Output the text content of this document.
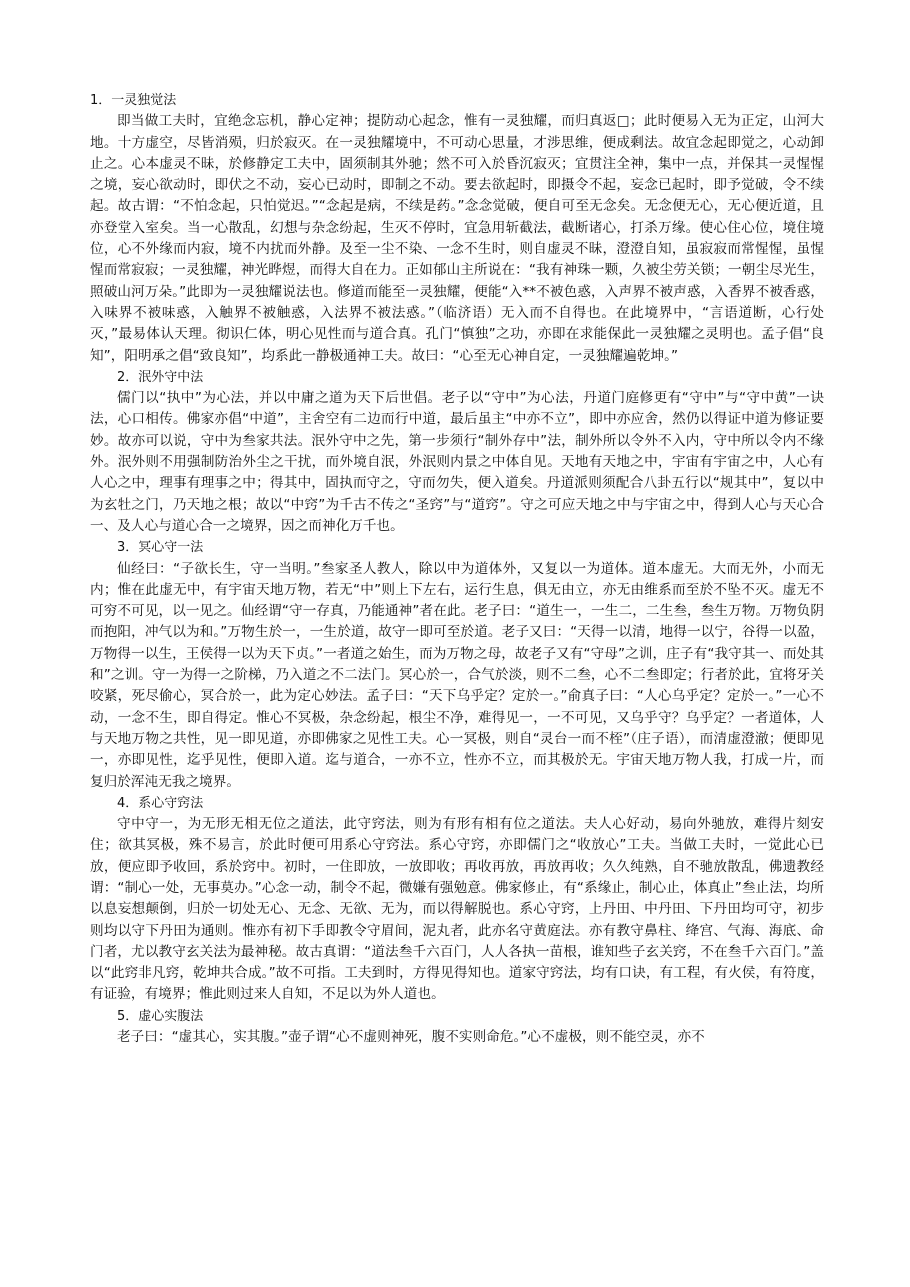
1．一灵独觉法

即当做工夫时，宜绝念忘机，静心定神；提防动心起念，惟有一灵独耀，而归真返□；此时便易入无为正定，山河大地。十方虚空，尽皆消殒，归於寂灭。在一灵独耀境中，不可动心思量，才涉思维，便成剩法。故宜念起即觉之，心动卸止之。心本虚灵不昧，於修静定工夫中，固须制其外驰；然不可入於昏沉寂灭；宜贯注全神，集中一点，并保其一灵惺惺之境，妄心欲动时，即伏之不动，妄心已动时，即制之不动。要去欲起时，即摄令不起，妄念已起时，即予觉破，令不续起。故古谓：“不怕念起，只怕觉迟。”“念起是病，不续是药。”念念觉破，便自可至无念矣。无念便无心，无心便近道，且亦登堂入室矣。当一心散乱，幻想与杂念纷起，生灭不停时，宜急用斩截法，截断诸心，打杀万缘。使心住心位，境住境位，心不外缘而内寂，境不内扰而外静。及至一尘不染、一念不生时，则自虚灵不昧，澄澄自知，虽寂寂而常惺惺，虽惺惺而常寂寂；一灵独耀，神光晔煜，而得大自在力。正如郁山主所说在：“我有神珠一颗，久被尘劳关锁；一朝尘尽光生，照破山河万朵。”此即为一灵独耀说法也。修道而能至一灵独耀，便能“入**不被色惑，入声界不被声惑，入香界不被香惑，入味界不被味惑，入触界不被触惑，入法界不被法惑。”（临济语）无入而不自得也。在此境界中，“言语道断，心行处灭，”最易体认天理。彻识仁体，明心见性而与道合真。孔门“慎独”之功，亦即在求能保此一灵独耀之灵明也。孟子倡“良知”，阳明承之倡“致良知”，均系此一静极通神工夫。故曰：“心至无心神自定，一灵独耀遍乾坤。”

2．泯外守中法

儒门以“执中”为心法，并以中庸之道为天下后世倡。老子以“守中”为心法，丹道门庭修更有“守中”与“守中黄”一诀法，心口相传。佛家亦倡“中道”，主舍空有二边而行中道，最后虽主“中亦不立”，即中亦应舍，然仍以得证中道为修证要妙。故亦可以说，守中为叁家共法。泯外守中之先，第一步须行“制外存中”法，制外所以令外不入内，守中所以令内不缘外。泯外则不用强制防治外尘之干扰，而外境自泯，外泯则内景之中体自见。天地有天地之中，宇宙有宇宙之中，人心有人心之中，理事有理事之中；得其中，固执而守之，守而勿失，便入道矣。丹道派则须配合八卦五行以“规其中”，复以中为玄牡之门，乃天地之根；故以“中窍”为千古不传之“圣窍”与“道窍”。守之可应天地之中与宇宙之中，得到人心与天心合一、及人心与道心合一之境界，因之而神化万千也。

3．冥心守一法

仙经曰：“子欲长生，守一当明。”叁家圣人教人，除以中为道体外，又复以一为道体。道本虚无。大而无外，小而无内；惟在此虚无中，有宇宙天地万物，若无“中”则上下左右，运行生息，俱无由立，亦无由维系而至於不坠不灭。虚无不可穷不可见，以一见之。仙经谓“守一存真，乃能通神”者在此。老子曰：“道生一，一生二，二生叁，叁生万物。万物负阴而抱阳，冲气以为和。”万物生於一，一生於道，故守一即可至於道。老子又曰：“天得一以清，地得一以宁，谷得一以盈，万物得一以生，王侯得一以为天下贞。”一者道之始生，而为万物之母，故老子又有“守母”之训，庄子有“我守其一、而处其和”之训。守一为得一之阶梯，乃入道之不二法门。冥心於一，合气於淡，则不二叁，心不二叁即定；行者於此，宜将牙关咬紧，死尽偷心，冥合於一，此为定心妙法。孟子曰：“天下乌乎定？定於一。”俞真子曰：“人心乌乎定？定於一。”一心不动，一念不生，即自得定。惟心不冥极，杂念纷起，根尘不净，难得见一，一不可见，又乌乎守？乌乎定？一者道体，人与天地万物之共性，见一即见道，亦即佛家之见性工夫。心一冥极，则自“灵台一而不桎”（庄子语），而清虚澄澈；便即见一，亦即见性，迄乎见性，便即入道。迄与道合，一亦不立，性亦不立，而其极於无。宇宙天地万物人我，打成一片，而复归於浑沌无我之境界。

4．系心守窍法

守中守一，为无形无相无位之道法，此守窍法，则为有形有相有位之道法。夫人心好动，易向外驰放，难得片刻安住；欲其冥极，殊不易言，於此时便可用系心守窍法。系心守窍，亦即儒门之“收放心”工夫。当做工夫时，一觉此心已放，便应即予收回，系於窍中。初时，一住即放，一放即收；再收再放，再放再收；久久纯熟，自不驰放散乱，佛遗教经谓：“制心一处，无事莫办。”心念一动，制令不起，微嫌有强勉意。佛家修止，有“系缘止，制心止，体真止”叁止法，均所以息妄想颠倒，归於一切处无心、无念、无欲、无为，而以得解脱也。系心守窍，上丹田、中丹田、下丹田均可守，初步则均以守下丹田为通则。惟亦有初下手即教令守眉间，泥丸者，此亦名守黄庭法。亦有教守鼻柱、绛宫、气海、海底、命门者，尤以教守玄关法为最神秘。故古真谓：“道法叁千六百门，人人各执一苗根，谁知些子玄关窍，不在叁千六百门。”盖以“此窍非凡窍，乾坤共合成。”故不可指。工夫到时，方得见得知也。道家守窍法，均有口诀，有工程，有火侯，有符度，有证验，有境界；惟此则过来人自知，不足以为外人道也。

5．虚心实腹法

老子曰：“虚其心，实其腹。”壶子谓“心不虚则神死，腹不实则命危。”心不虚极，则不能空灵，亦不
